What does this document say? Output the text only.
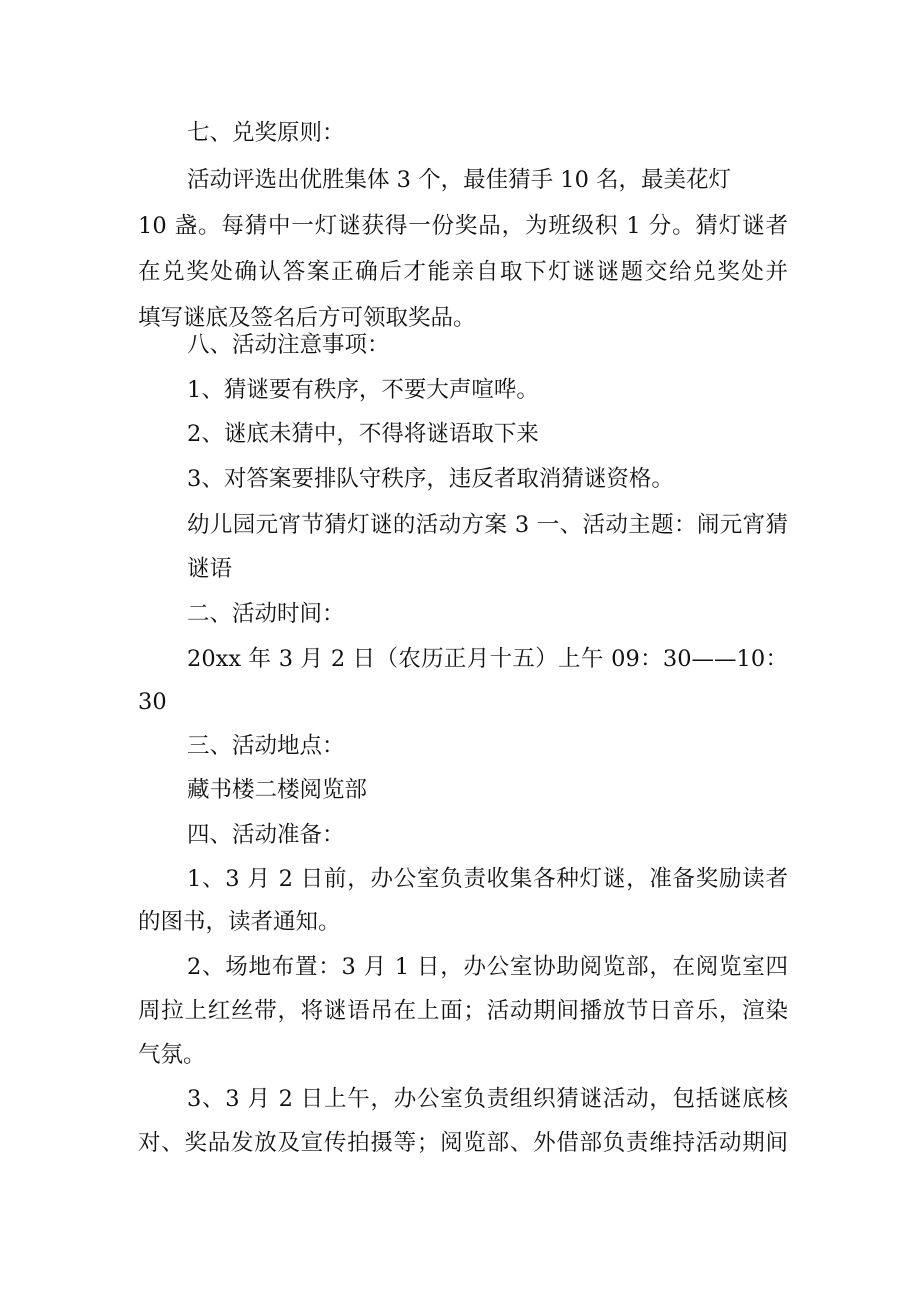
七、兑奖原则：
活动评选出优胜集体 3 个，最佳猜手 10 名，最美花灯
10 盏。每猜中一灯谜获得一份奖品，为班级积 1 分。猜灯谜者
在兑奖处确认答案正确后才能亲自取下灯谜谜题交给兑奖处并
填写谜底及签名后方可领取奖品。
八、活动注意事项：
1、猜谜要有秩序，不要大声喧哗。
2、谜底未猜中，不得将谜语取下来
3、对答案要排队守秩序，违反者取消猜谜资格。
幼儿园元宵节猜灯谜的活动方案 3 一、活动主题：闹元宵猜
谜语
二、活动时间：
20xx 年 3 月 2 日（农历正月十五）上午 09：30——10：
30
三、活动地点：
藏书楼二楼阅览部
四、活动准备：
1、3 月 2 日前，办公室负责收集各种灯谜，准备奖励读者
的图书，读者通知。
2、场地布置：3 月 1 日，办公室协助阅览部，在阅览室四
周拉上红丝带，将谜语吊在上面；活动期间播放节日音乐，渲染
气氛。
3、3 月 2 日上午，办公室负责组织猜谜活动，包括谜底核
对、奖品发放及宣传拍摄等；阅览部、外借部负责维持活动期间
